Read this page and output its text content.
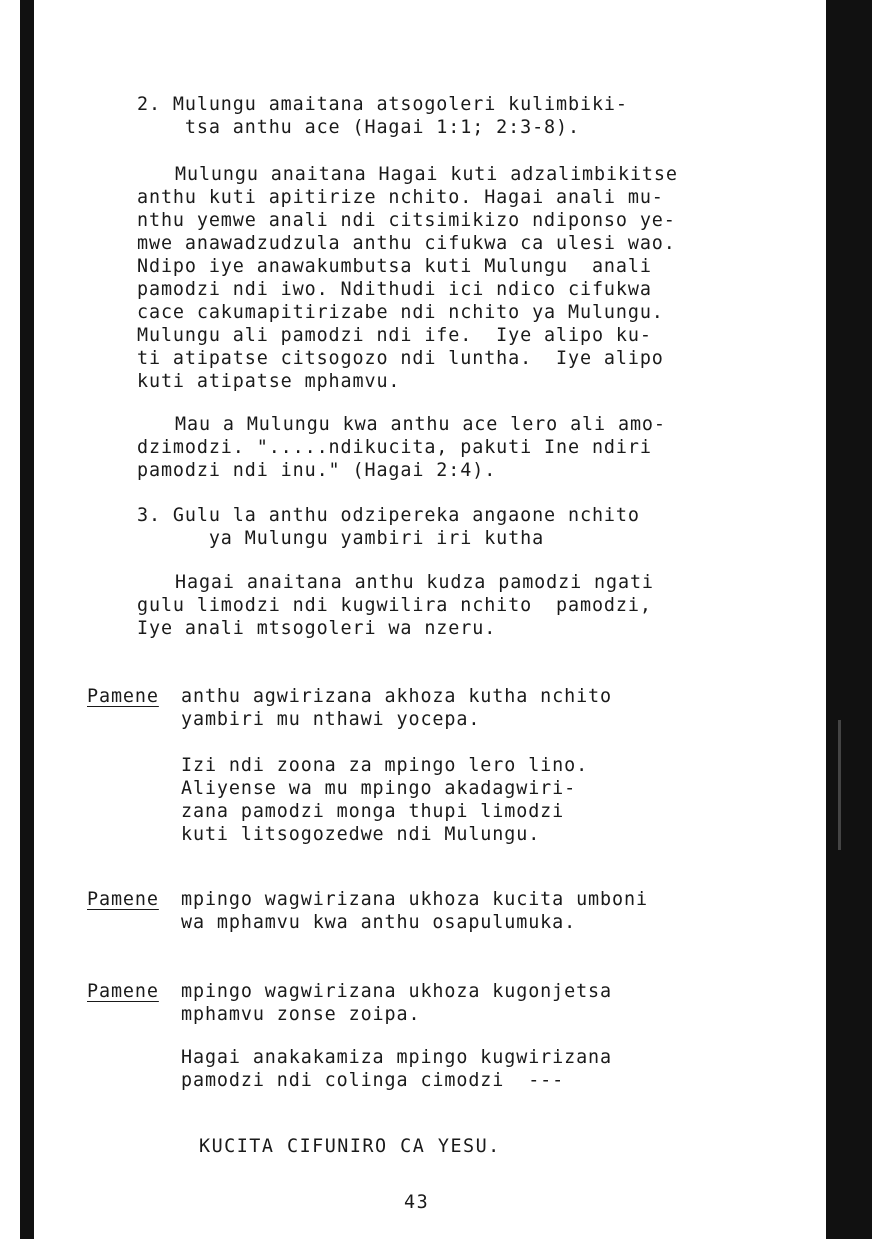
2. Mulungu amaitana atsogoleri kulimbiki-

tsa anthu ace (Hagai 1:1; 2:3-8).

Mulungu anaitana Hagai kuti adzalimbikitse

anthu kuti apitirize nchito. Hagai anali mu-

nthu yemwe anali ndi citsimikizo ndiponso ye-

mwe anawadzudzula anthu cifukwa ca ulesi wao.

Ndipo iye anawakumbutsa kuti Mulungu  anali

pamodzi ndi iwo. Ndithudi ici ndico cifukwa

cace cakumapitirizabe ndi nchito ya Mulungu.

Mulungu ali pamodzi ndi ife.  Iye alipo ku-

ti atipatse citsogozo ndi luntha.  Iye alipo

kuti atipatse mphamvu.

Mau a Mulungu kwa anthu ace lero ali amo-

dzimodzi. ".....ndikucita, pakuti Ine ndiri

pamodzi ndi inu." (Hagai 2:4).

3. Gulu la anthu odzipereka angaone nchito

ya Mulungu yambiri iri kutha

Hagai anaitana anthu kudza pamodzi ngati

gulu limodzi ndi kugwilira nchito  pamodzi,

Iye anali mtsogoleri wa nzeru.

Pamene anthu agwirizana akhoza kutha nchito

yambiri mu nthawi yocepa.

Izi ndi zoona za mpingo lero lino.

Aliyense wa mu mpingo akadagwiri-

zana pamodzi monga thupi limodzi

kuti litsogozedwe ndi Mulungu.

Pamene mpingo wagwirizana ukhoza kucita umboni

wa mphamvu kwa anthu osapulumuka.

Pamene mpingo wagwirizana ukhoza kugonjetsa

mphamvu zonse zoipa.

Hagai anakakamiza mpingo kugwirizana

pamodzi ndi colinga cimodzi  ---

KUCITA CIFUNIRO CA YESU.

43
